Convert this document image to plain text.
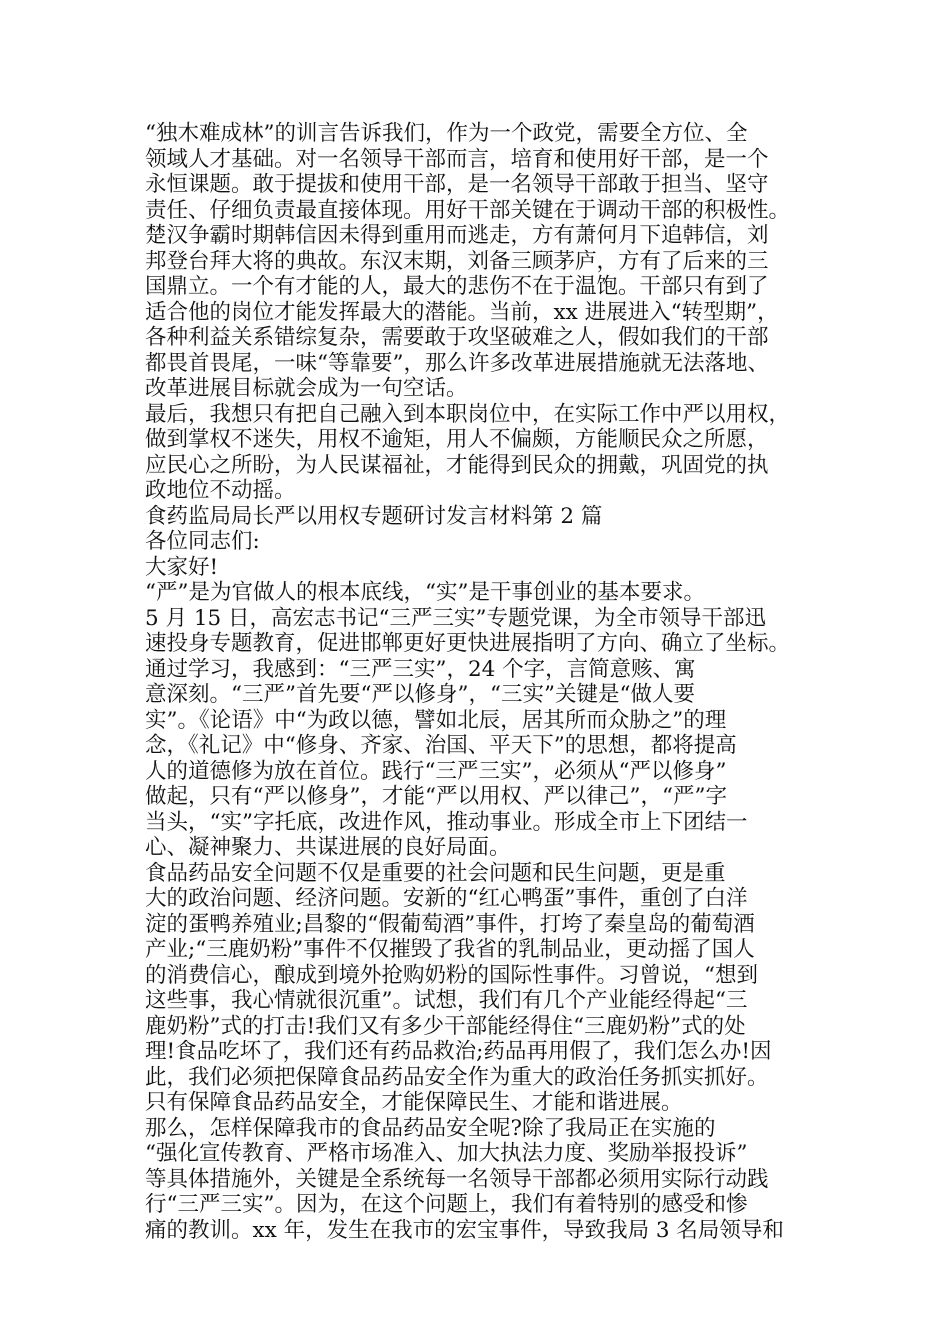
“独木难成林”的训言告诉我们，作为一个政党，需要全方位、全
领域人才基础。对一名领导干部而言，培育和使用好干部，是一个
永恒课题。敢于提拔和使用干部，是一名领导干部敢于担当、坚守
责任、仔细负责最直接体现。用好干部关键在于调动干部的积极性。
楚汉争霸时期韩信因未得到重用而逃走，方有萧何月下追韩信，刘
邦登台拜大将的典故。东汉末期，刘备三顾茅庐，方有了后来的三
国鼎立。一个有才能的人，最大的悲伤不在于温饱。干部只有到了
适合他的岗位才能发挥最大的潜能。当前，xx 进展进入“转型期”，
各种利益关系错综复杂，需要敢于攻坚破难之人，假如我们的干部
都畏首畏尾，一味“等靠要”，那么许多改革进展措施就无法落地、
改革进展目标就会成为一句空话。
最后，我想只有把自己融入到本职岗位中，在实际工作中严以用权，
做到掌权不迷失，用权不逾矩，用人不偏颇，方能顺民众之所愿，
应民心之所盼，为人民谋福祉，才能得到民众的拥戴，巩固党的执
政地位不动摇。
食药监局局长严以用权专题研讨发言材料第 2 篇
各位同志们:
大家好!
“严”是为官做人的根本底线，“实”是干事创业的基本要求。
5 月 15 日，高宏志书记“三严三实”专题党课，为全市领导干部迅
速投身专题教育，促进邯郸更好更快进展指明了方向、确立了坐标。
通过学习，我感到：“三严三实”，24 个字，言简意赅、寓
意深刻。“三严”首先要“严以修身”，“三实”关键是“做人要
实”。《论语》中“为政以德，譬如北辰，居其所而众胁之”的理
念，《礼记》中“修身、齐家、治国、平天下”的思想，都将提高
人的道德修为放在首位。践行“三严三实”，必须从“严以修身”
做起，只有“严以修身”，才能“严以用权、严以律己”，“严”字
当头，“实”字托底，改进作风，推动事业。形成全市上下团结一
心、凝神聚力、共谋进展的良好局面。
食品药品安全问题不仅是重要的社会问题和民生问题，更是重
大的政治问题、经济问题。安新的“红心鸭蛋”事件，重创了白洋
淀的蛋鸭养殖业;昌黎的“假葡萄酒”事件，打垮了秦皇岛的葡萄酒
产业;“三鹿奶粉”事件不仅摧毁了我省的乳制品业，更动摇了国人
的消费信心，酿成到境外抢购奶粉的国际性事件。习曾说，“想到
这些事，我心情就很沉重”。试想，我们有几个产业能经得起“三
鹿奶粉”式的打击!我们又有多少干部能经得住“三鹿奶粉”式的处
理!食品吃坏了，我们还有药品救治;药品再用假了，我们怎么办!因
此，我们必须把保障食品药品安全作为重大的政治任务抓实抓好。
只有保障食品药品安全，才能保障民生、才能和谐进展。
那么，怎样保障我市的食品药品安全呢?除了我局正在实施的
“强化宣传教育、严格市场准入、加大执法力度、奖励举报投诉”
等具体措施外，关键是全系统每一名领导干部都必须用实际行动践
行“三严三实”。因为，在这个问题上，我们有着特别的感受和惨
痛的教训。xx 年，发生在我市的宏宝事件，导致我局 3 名局领导和
